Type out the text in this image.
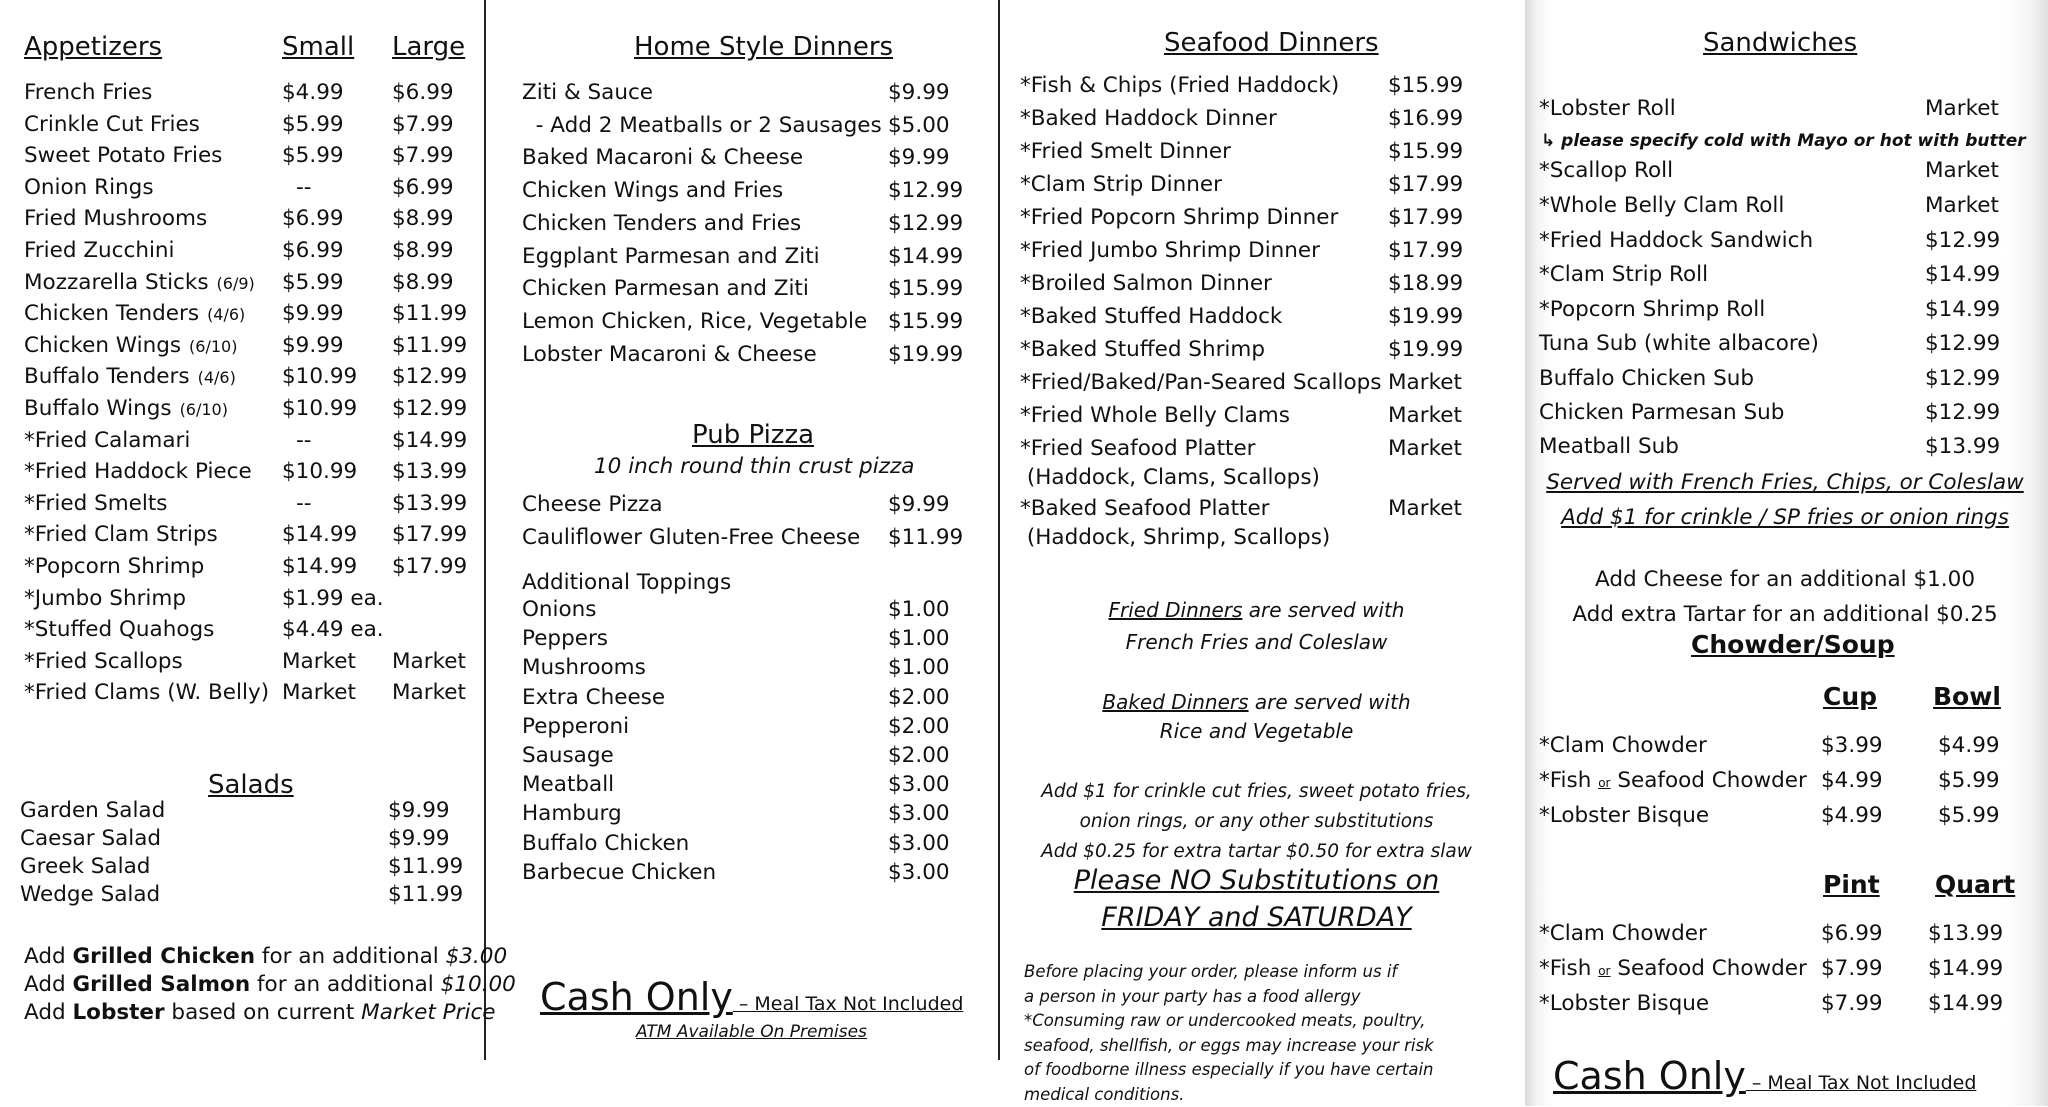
Appetizers	Small Large
French Fries	$4.99 $6.99
Crinkle Cut Fries	$5.99 $7.99
Sweet Potato Fries	$5.99 $7.99
Onion Rings	--	$6.99
Fried Mushrooms	$6.99 $8.99
Fried Zucchini	$6.99 $8.99
Mozzarella Sticks (6/9) $5.99 $8.99
Chicken Tenders (4/6) $9.99 $11.99
Chicken Wings (6/10) $9.99 $11.99
Buffalo Tenders (4/6) $10.99 $12.99
Buffalo Wings (6/10)	$10.99 $12.99
*Fried Calamari	--	$14.99
*Fried Haddock Piece $10.99 $13.99
*Fried Smelts	--	$13.99
*Fried Clam Strips	$14.99 $17.99
*Popcorn Shrimp	$14.99 $17.99
*Jumbo Shrimp	$1.99 ea.
*Stuffed Quahogs	$4.49 ea.
*Fried Scallops	Market Market
*Fried Clams (W. Belly) Market Market
Salads
Garden Salad	$9.99
Caesar Salad	$9.99
Greek Salad	$11.99
Wedge Salad	$11.99
Add Grilled Chicken for an additional $3.00
Add Grilled Salmon for an additional $10.00
Add Lobster based on current Market Price
Home Style Dinners
Ziti & Sauce	$9.99
- Add 2 Meatballs or 2 Sausages $5.00
Baked Macaroni & Cheese	$9.99
Chicken Wings and Fries	$12.99
Chicken Tenders and Fries	$12.99
Eggplant Parmesan and Ziti	$14.99
Chicken Parmesan and Ziti	$15.99
Lemon Chicken, Rice, Vegetable $15.99
Lobster Macaroni & Cheese	$19.99
Pub Pizza
10 inch round thin crust pizza
Cheese Pizza	$9.99
Cauliflower Gluten-Free Cheese $11.99
Additional Toppings
Onions	$1.00
Peppers	$1.00
Mushrooms	$1.00
Extra Cheese	$2.00
Pepperoni	$2.00
Sausage	$2.00
Meatball	$3.00
Hamburg	$3.00
Buffalo Chicken	$3.00
Barbecue Chicken	$3.00
Cash Only – Meal Tax Not Included
ATM Available On Premises
Seafood Dinners
*Fish & Chips (Fried Haddock) $15.99
*Baked Haddock Dinner	$16.99
*Fried Smelt Dinner	$15.99
*Clam Strip Dinner	$17.99
*Fried Popcorn Shrimp Dinner $17.99
*Fried Jumbo Shrimp Dinner	$17.99
*Broiled Salmon Dinner	$18.99
*Baked Stuffed Haddock	$19.99
*Baked Stuffed Shrimp	$19.99
*Fried/Baked/Pan-Seared Scallops Market
*Fried Whole Belly Clams	Market
*Fried Seafood Platter	Market
(Haddock, Clams, Scallops)
*Baked Seafood Platter	Market
(Haddock, Shrimp, Scallops)
Fried Dinners are served with
French Fries and Coleslaw
Baked Dinners are served with
Rice and Vegetable
Add $1 for crinkle cut fries, sweet potato fries,
onion rings, or any other substitutions
Add $0.25 for extra tartar $0.50 for extra slaw
Please NO Substitutions on
FRIDAY and SATURDAY
Before placing your order, please inform us if
a person in your party has a food allergy
*Consuming raw or undercooked meats, poultry,
seafood, shellfish, or eggs may increase your risk
of foodborne illness especially if you have certain
medical conditions.
Sandwiches
*Lobster Roll	Market
*Scallop Roll	Market
*Whole Belly Clam Roll	Market
*Fried Haddock Sandwich	$12.99
*Clam Strip Roll	$14.99
*Popcorn Shrimp Roll	$14.99
Tuna Sub (white albacore)	$12.99
Buffalo Chicken Sub	$12.99
Chicken Parmesan Sub	$12.99
Meatball Sub	$13.99
↳ please specify cold with Mayo or hot with butter
Served with French Fries, Chips, or Coleslaw
Add $1 for crinkle / SP fries or onion rings
Add Cheese for an additional $1.00
Add extra Tartar for an additional $0.25
Chowder/Soup
Cup Bowl
*Clam Chowder	$3.99	$4.99
*Fish or Seafood Chowder $4.99	$5.99
*Lobster Bisque	$4.99	$5.99
Pint Quart
*Clam Chowder	$6.99 $13.99
*Fish or Seafood Chowder $7.99 $14.99
*Lobster Bisque	$7.99 $14.99
Cash Only – Meal Tax Not Included
